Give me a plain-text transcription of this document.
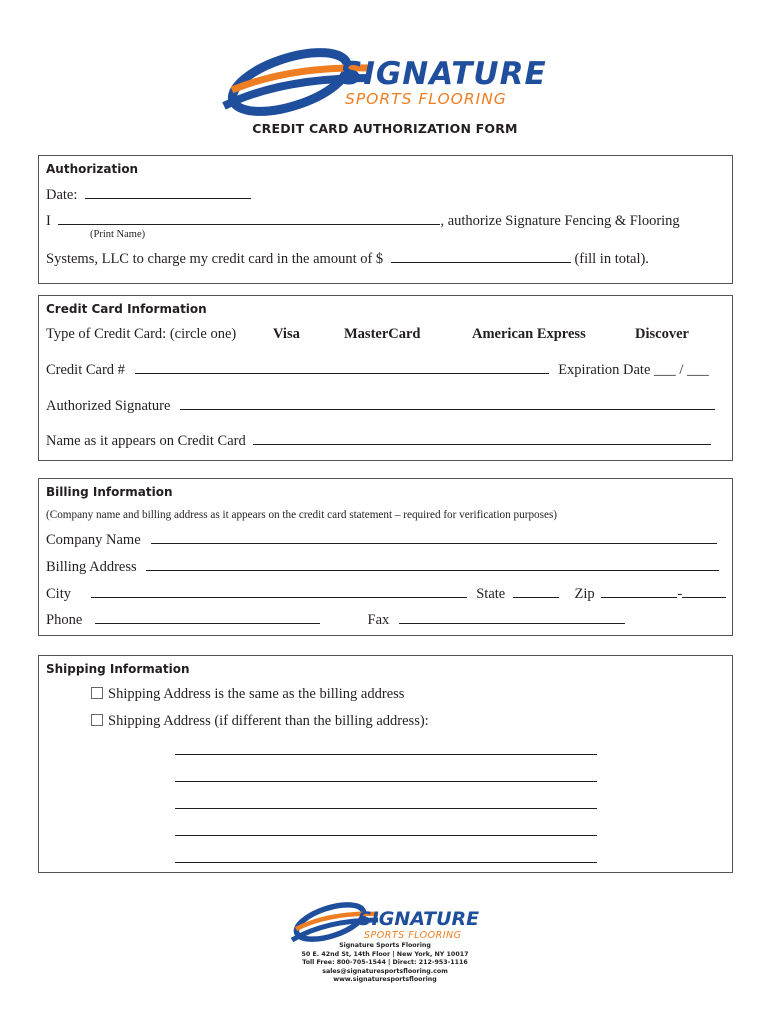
SIGNATURE
SPORTS FLOORING
CREDIT CARD AUTHORIZATION FORM
Authorization
Date:
I	, authorize Signature Fencing & Flooring
(Print Name)
Systems, LLC to charge my credit card in the amount of $	(fill in total).
Credit Card Information
Type of Credit Card: (circle one)	Visa	MasterCard	American Express	Discover
Credit Card #	Expiration Date ___ / ___
Authorized Signature
Name as it appears on Credit Card
Billing Information
(Company name and billing address as it appears on the credit card statement – required for verification purposes)
Company Name
Billing Address
City	State	Zip	-
Phone	Fax
Shipping Information
Shipping Address is the same as the billing address
Shipping Address (if different than the billing address):
SIGNATURE
SPORTS FLOORING
Signature Sports Flooring
50 E. 42nd St, 14th Floor | New York, NY 10017
Toll Free: 800-705-1544 | Direct: 212-953-1116
sales@signaturesportsflooring.com
www.signaturesportsflooring
